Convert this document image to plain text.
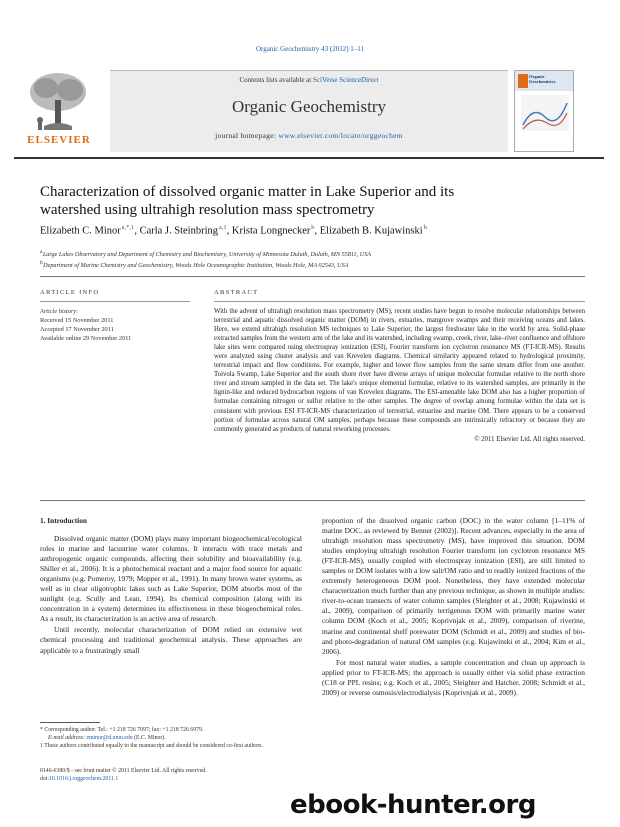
Organic Geochemistry 43 (2012) 1–11
ELSEVIER
Contents lists available at SciVerse ScienceDirect
Organic Geochemistry
journal homepage: www.elsevier.com/locate/orggeochem
Organic
Geochemistry
Characterization of dissolved organic matter in Lake Superior and its
watershed using ultrahigh resolution mass spectrometry
Elizabeth C. Minor $^{a,*,1}$, Carla J. Steinbring $^{a,1}$, Krista Longnecker $^b$, Elizabeth B. Kujawinski $^b$
$^a$ Large Lakes Observatory and Department of Chemistry and Biochemistry, University of Minnesota Duluth, Duluth, MN 55811, USA
$^b$ Department of Marine Chemistry and Geochemistry, Woods Hole Oceanographic Institution, Woods Hole, MA 02543, USA
ARTICLE INFO
Article history:
Received 15 November 2011
Accepted 17 November 2011
Available online 29 November 2011
ABSTRACT

With the advent of ultrahigh resolution mass spectrometry (MS), recent studies have begun to resolve molecular relationships between terrestrial and aquatic dissolved organic matter (DOM) in rivers, estuaries, mangrove swamps and their receiving oceans and lakes. Here, we extend ultrahigh resolution MS techniques to Lake Superior, the largest freshwater lake in the world by area. Solid-phase extracted samples from the western arm of the lake and its watershed, including swamp, creek, river, lake–river confluence and offshore lake sites were compared using electrospray ionization (ESI), Fourier transform ion cyclotron resonance MS (FT-ICR-MS). Results were analyzed using cluster analysis and van Krevelen diagrams. Chemical similarity appeared related to hydrological proximity, terrestrial impact and flow conditions. For example, higher and lower flow samples from the same stream differ from one another. Toivola Swamp, Lake Superior and the south shore river have diverse arrays of unique molecular formulae relative to the north shore river and stream sampled in the data set. The lake's unique elemental formulae, relative to its watershed samples, are primarily in the lignin-like and reduced hydrocarbon regions of van Krevelen diagrams. The ESI-amenable lake DOM also has a higher proportion of formulae containing nitrogen or sulfur relative to the other samples. The degree of overlap among formulae within the data set is consistent with previous ESI FT-ICR-MS characterization of terrestrial, estuarine and marine OM. There appears to be a conserved portion of formulae across natural OM samples, perhaps because these compounds are intrinsically refractory or because they are commonly generated as products of natural reworking processes.

© 2011 Elsevier Ltd. All rights reserved.
1. Introduction

Dissolved organic matter (DOM) plays many important biogeochemical/ecological roles in marine and lacustrine water columns. It interacts with trace metals and anthropogenic organic compounds, affecting their solubility and bioavailability (e.g. Shiller et al., 2006). It is a photochemical reactant and a major food source for aquatic organisms (e.g. Pomeroy, 1979; Mopper et al., 1991). In many brown water systems, as well as in clear oligotrophic lakes such as Lake Superior, DOM absorbs most of the sunlight (e.g. Scully and Lean, 1994). Its chemical composition (along with its concentration in a system) determines its effectiveness in these biogeochemical roles. As a result, its characterization is an active area of research.

Until recently, molecular characterization of DOM relied on extensive wet chemical processing and traditional geochemical analysis. These approaches are applicable to a frustratingly small

proportion of the dissolved organic carbon (DOC) in the water column [1–11% of marine DOC, as reviewed by Benner (2002)]. Recent advances, especially in the area of ultrahigh resolution mass spectrometry (MS), have improved this situation. DOM studies employing ultrahigh resolution Fourier transform ion cyclotron resonance MS (FT-ICR-MS), usually coupled with electrospray ionization (ESI), are still limited to samples or DOM isolates with a low salt/OM ratio and to readily ionized fractions of the extremely heterogeneous DOM pool. Nonetheless, they have extended molecular characterization much further than any previous technique, as shown in multiple studies: river-to-ocean transects of water column samples (Sleighter et al., 2008; Kujawinski et al., 2009), comparison of primarily terrigenous DOM with primarily marine water column DOM (Koch et al., 2005; Koprivnjak et al., 2009), comparison of riverine, marine and continental shelf porewater DOM (Schmidt et al., 2009) and studies of bio- and photo-degradation of natural OM samples (e.g. Kujawinski et al., 2004; Kim et al., 2006).

For most natural water studies, a sample concentration and clean up approach is applied prior to FT-ICR-MS; the approach is usually either via solid phase extraction (C18 or PPL resins; e.g. Koch et al., 2005; Sleighter and Hatcher, 2008; Schmidt et al., 2009) or reverse osmosis/electrodialysis (Koprivnjak et al., 2009).

* Corresponding author. Tel.: +1 218 726 7097; fax: +1 218 726 6979.
E-mail address: eminor@d.umn.edu (E.C. Minor).
1 These authors contributed equally to the manuscript and should be considered co-first authors.
0146-6380/$ - see front matter © 2011 Elsevier Ltd. All rights reserved.
doi:10.1016/j.orggeochem.2011.1
ebook-hunter.org
